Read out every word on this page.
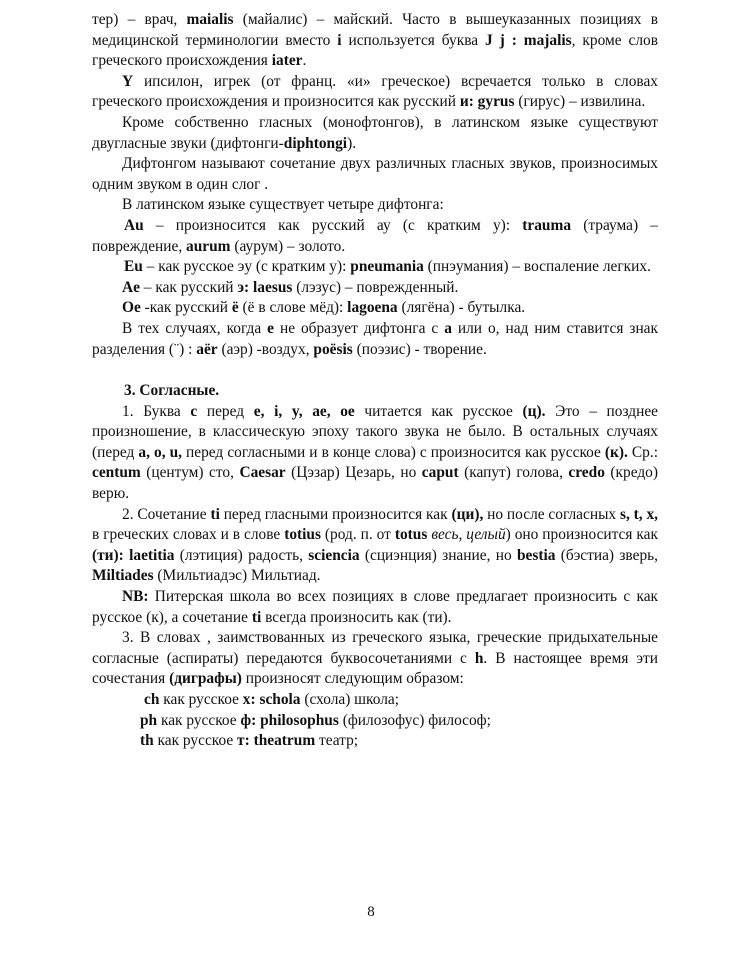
тер) – врач, maialis (майалис) – майский. Часто в вышеуказанных позициях в медицинской терминологии вместо i используется буква J j : majalis, кроме слов греческого происхождения iater.

Y ипсилон, игрек (от франц. «и» греческое) всречается только в словах греческого происхождения и произносится как русский и: gyrus (гирус) – извилина.

Кроме собственно гласных (монофтонгов), в латинском языке существуют двугласные звуки (дифтонги-diphtongi).

Дифтонгом называют сочетание двух различных гласных звуков, произносимых одним звуком в один слог .

В латинском языке существует четыре дифтонга:

Au – произносится как русский ау (с кратким у): trauma (траума) – повреждение, aurum (аурум) – золото.

Eu – как русское эу (с кратким у): pneumania (пнэумания) – воспаление легких.

Ae – как русский э: laesus (лэзус) – поврежденный.

Oe -как русский ё (ё в слове мёд): lagoena (лягёна) - бутылка.

В тех случаях, когда e не образует дифтонга с a или о, над ним ставится знак разделения (¨) : aër (аэр) -воздух, poësis (поэзис) - творение.

3. Согласные.

1. Буква c перед e, i, y, ae, oe читается как русское (ц). Это – позднее произношение, в классическую эпоху такого звука не было. В остальных случаях (перед a, o, u, перед согласными и в конце слова) с произносится как русское (к). Ср.: centum (центум) сто, Caesar (Цэзар) Цезарь, но caput (капут) голова, credo (кредо) верю.

2. Сочетание ti перед гласными произносится как (ци), но после согласных s, t, x, в греческих словах и в слове totius (род. п. от totus весь, целый) оно произносится как (ти): laetitia (лэтиция) радость, sciencia (сциэнция) знание, но bestia (бэстиа) зверь, Miltiades (Мильтиадэс) Мильтиад.

NB: Питерская школа во всех позициях в слове предлагает произносить с как русское (к), а сочетание ti всегда произносить как (ти).

3. В словах , заимствованных из греческого языка, греческие придыхательные согласные (аспираты) передаются буквосочетаниями с h. В настоящее время эти сочестания (диграфы) произносят следующим образом:

ch как русское х: schola (схола) школа;

ph как русское ф: philosophus (филозофус) философ;

th как русское т: theatrum театр;

8
